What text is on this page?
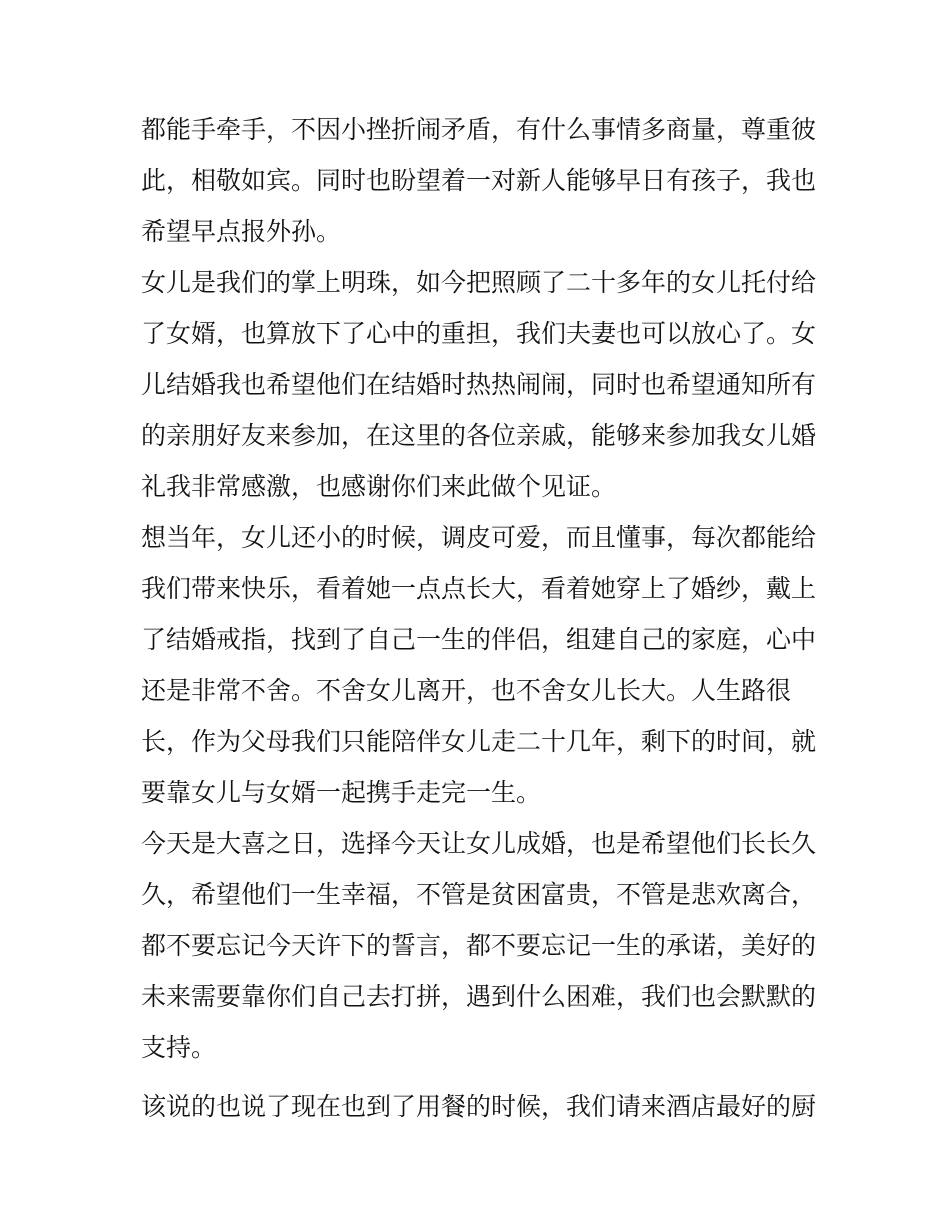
都能手牵手，不因小挫折闹矛盾，有什么事情多商量，尊重彼
此，相敬如宾。同时也盼望着一对新人能够早日有孩子，我也
希望早点报外孙。
女儿是我们的掌上明珠，如今把照顾了二十多年的女儿托付给
了女婿，也算放下了心中的重担，我们夫妻也可以放心了。女
儿结婚我也希望他们在结婚时热热闹闹，同时也希望通知所有
的亲朋好友来参加，在这里的各位亲戚，能够来参加我女儿婚
礼我非常感激，也感谢你们来此做个见证。
想当年，女儿还小的时候，调皮可爱，而且懂事，每次都能给
我们带来快乐，看着她一点点长大，看着她穿上了婚纱，戴上
了结婚戒指，找到了自己一生的伴侣，组建自己的家庭，心中
还是非常不舍。不舍女儿离开，也不舍女儿长大。人生路很
长，作为父母我们只能陪伴女儿走二十几年，剩下的时间，就
要靠女儿与女婿一起携手走完一生。
今天是大喜之日，选择今天让女儿成婚，也是希望他们长长久
久，希望他们一生幸福，不管是贫困富贵，不管是悲欢离合，
都不要忘记今天许下的誓言，都不要忘记一生的承诺，美好的
未来需要靠你们自己去打拼，遇到什么困难，我们也会默默的
支持。
该说的也说了现在也到了用餐的时候，我们请来酒店最好的厨
